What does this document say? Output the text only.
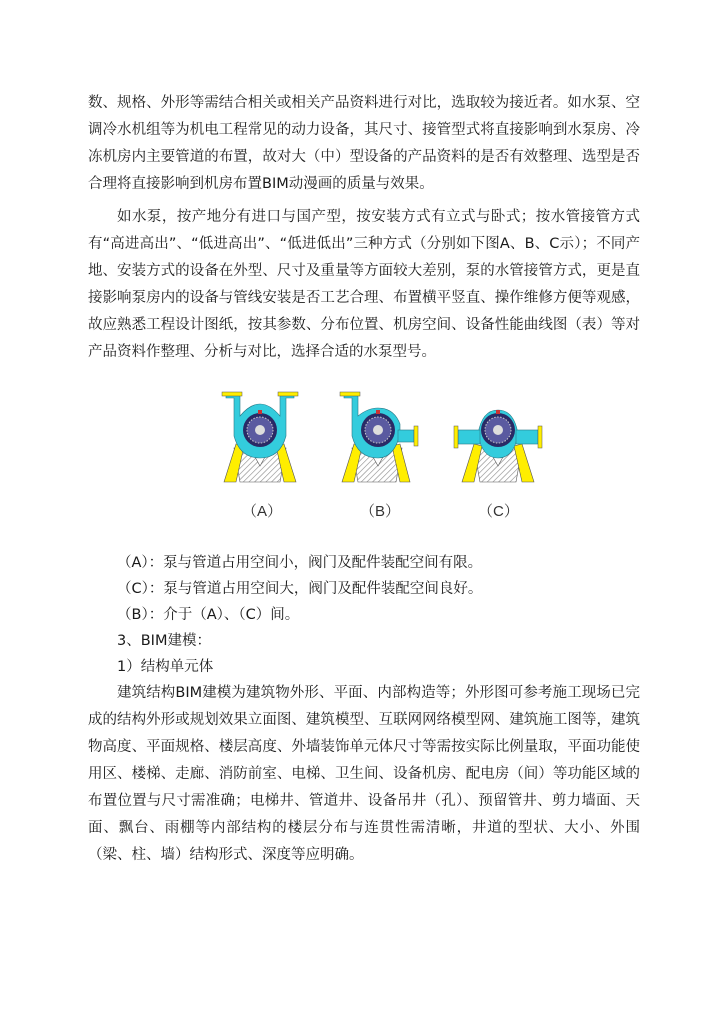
数、规格、外形等需结合相关或相关产品资料进行对比，选取较为接近者。如水泵、空调冷水机组等为机电工程常见的动力设备，其尺寸、接管型式将直接影响到水泵房、冷冻机房内主要管道的布置，故对大（中）型设备的产品资料的是否有效整理、选型是否合理将直接影响到机房布置BIM动漫画的质量与效果。

如水泵，按产地分有进口与国产型，按安装方式有立式与卧式；按水管接管方式有“高进高出”、“低进高出”、“低进低出”三种方式（分别如下图A、B、C示）；不同产地、安装方式的设备在外型、尺寸及重量等方面较大差别，泵的水管接管方式，更是直接影响泵房内的设备与管线安装是否工艺合理、布置横平竖直、操作维修方便等观感，故应熟悉工程设计图纸，按其参数、分布位置、机房空间、设备性能曲线图（表）等对产品资料作整理、分析与对比，选择合适的水泵型号。

（A）	（B）	（C）

（A）：泵与管道占用空间小，阀门及配件装配空间有限。

（C）：泵与管道占用空间大，阀门及配件装配空间良好。

（B）：介于（A）、（C）间。

3、BIM建模：

1）结构单元体

建筑结构BIM建模为建筑物外形、平面、内部构造等；外形图可参考施工现场已完成的结构外形或规划效果立面图、建筑模型、互联网网络模型网、建筑施工图等，建筑物高度、平面规格、楼层高度、外墙装饰单元体尺寸等需按实际比例量取，平面功能使用区、楼梯、走廊、消防前室、电梯、卫生间、设备机房、配电房（间）等功能区域的布置位置与尺寸需准确；电梯井、管道井、设备吊井（孔）、预留管井、剪力墙面、天面、飘台、雨棚等内部结构的楼层分布与连贯性需清晰，井道的型状、大小、外围（梁、柱、墙）结构形式、深度等应明确。
